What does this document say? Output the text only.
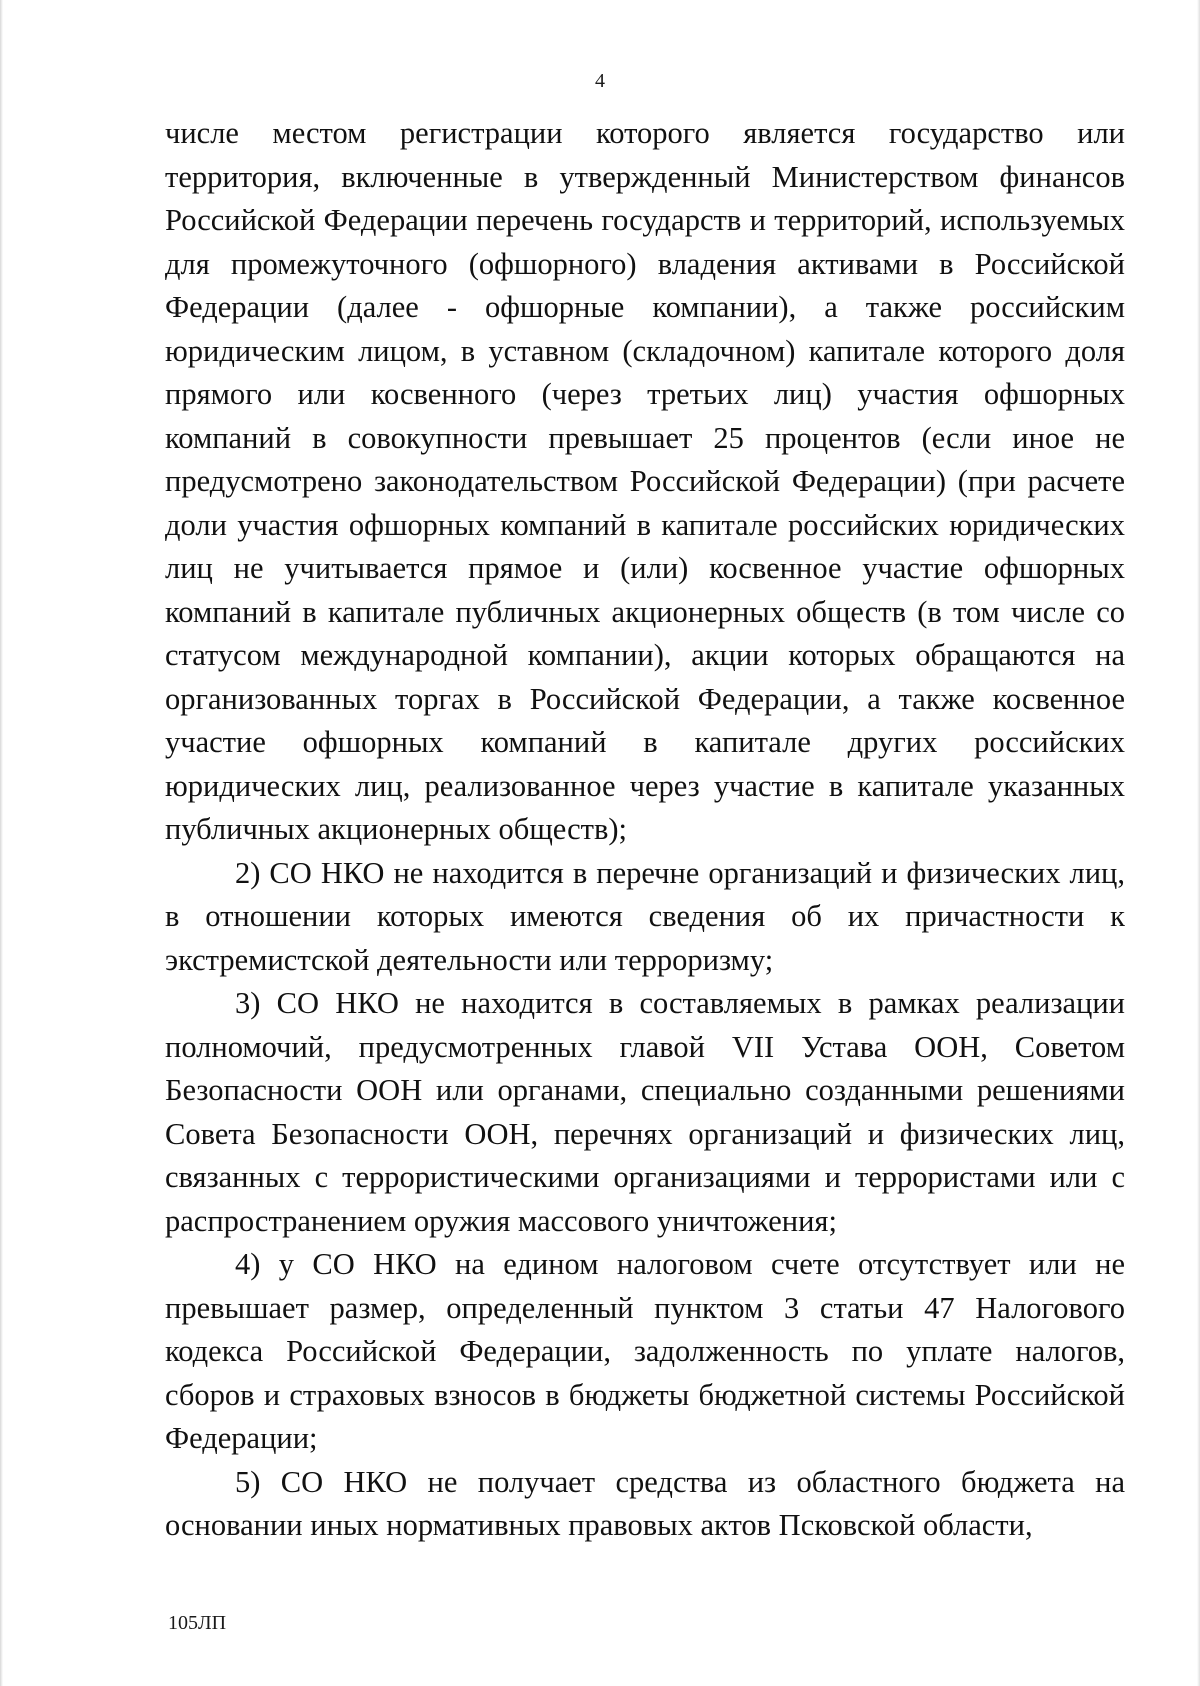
4

числе местом регистрации которого является государство или территория, включенные в утвержденный Министерством финансов Российской Федерации перечень государств и территорий, используемых для промежуточного (офшорного) владения активами в Российской Федерации (далее - офшорные компании), а также российским юридическим лицом, в уставном (складочном) капитале которого доля прямого или косвенного (через третьих лиц) участия офшорных компаний в совокупности превышает 25 процентов (если иное не предусмотрено законодательством Российской Федерации) (при расчете доли участия офшорных компаний в капитале российских юридических лиц не учитывается прямое и (или) косвенное участие офшорных компаний в капитале публичных акционерных обществ (в том числе со статусом международной компании), акции которых обращаются на организованных торгах в Российской Федерации, а также косвенное участие офшорных компаний в капитале других российских юридических лиц, реализованное через участие в капитале указанных публичных акционерных обществ);

2) СО НКО не находится в перечне организаций и физических лиц, в отношении которых имеются сведения об их причастности к экстремистской деятельности или терроризму;

3) СО НКО не находится в составляемых в рамках реализации полномочий, предусмотренных главой VII Устава ООН, Советом Безопасности ООН или органами, специально созданными решениями Совета Безопасности ООН, перечнях организаций и физических лиц, связанных с террористическими организациями и террористами или с распространением оружия массового уничтожения;

4) у СО НКО на едином налоговом счете отсутствует или не превышает размер, определенный пунктом 3 статьи 47 Налогового кодекса Российской Федерации, задолженность по уплате налогов, сборов и страховых взносов в бюджеты бюджетной системы Российской Федерации;

5) СО НКО не получает средства из областного бюджета на основании иных нормативных правовых актов Псковской области,

105ЛП
